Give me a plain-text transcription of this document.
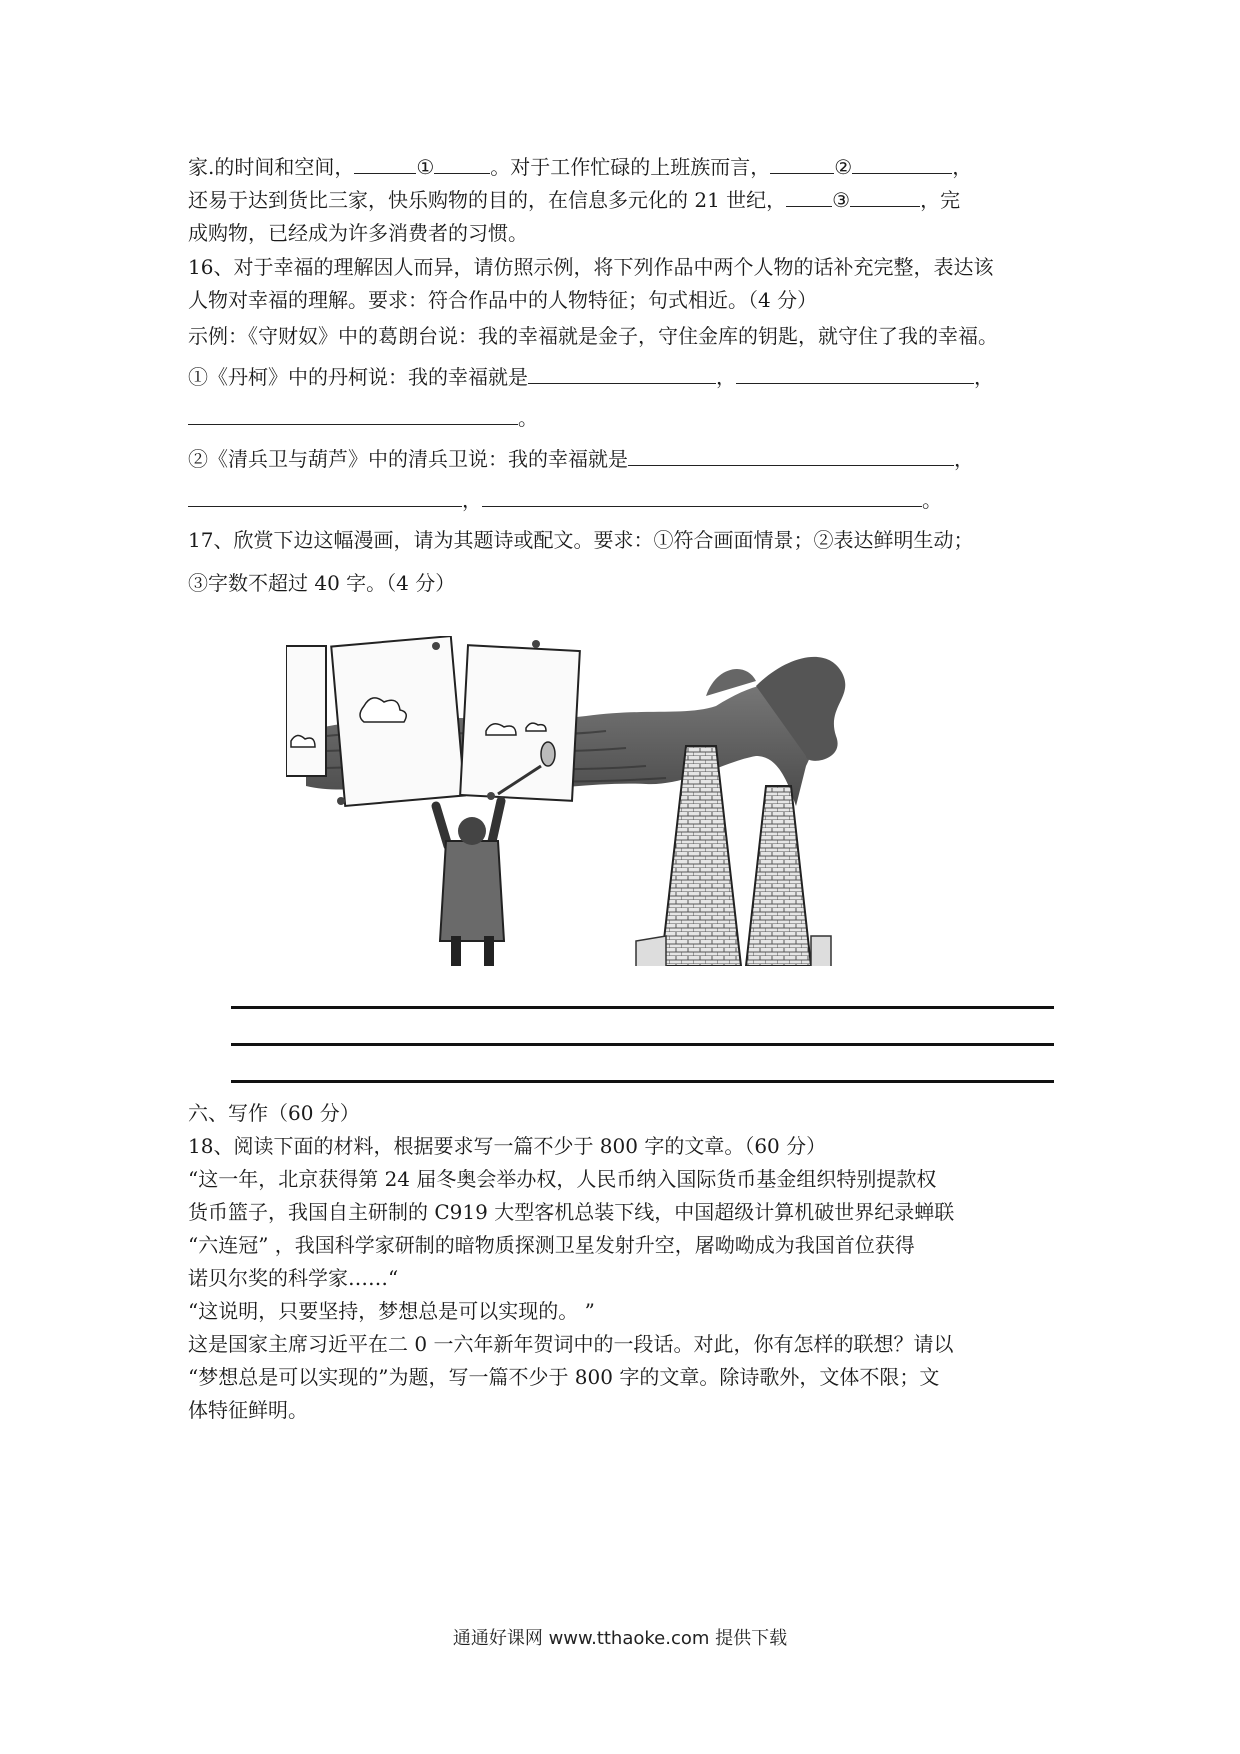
家.的时间和空间，	①	。对于工作忙碌的上班族而言，	②	，
还易于达到货比三家，快乐购物的目的，在信息多元化的 21 世纪， ③	，完
成购物，已经成为许多消费者的习惯。
16、对于幸福的理解因人而异，请仿照示例，将下列作品中两个人物的话补充完整，表达该
人物对幸福的理解。要求：符合作品中的人物特征；句式相近。（4 分）
示例：《守财奴》中的葛朗台说：我的幸福就是金子，守住金库的钥匙，就守住了我的幸福。
①《丹柯》中的丹柯说：我的幸福就是	，	，
。
②《清兵卫与葫芦》中的清兵卫说：我的幸福就是	，
，	。
17、欣赏下边这幅漫画，请为其题诗或配文。要求：①符合画面情景；②表达鲜明生动；
③字数不超过 40 字。（4 分）
六、写作（60 分）
18、阅读下面的材料，根据要求写一篇不少于 800 字的文章。（60 分）
“这一年，北京获得第 24 届冬奥会举办权，人民币纳入国际货币基金组织特别提款权
货币篮子，我国自主研制的 C919 大型客机总装下线，中国超级计算机破世界纪录蝉联
“六连冠” ，我国科学家研制的暗物质探测卫星发射升空，屠呦呦成为我国首位获得
诺贝尔奖的科学家……“
“这说明，只要坚持，梦想总是可以实现的。 ”
这是国家主席习近平在二 0 一六年新年贺词中的一段话。对此，你有怎样的联想？请以
“梦想总是可以实现的”为题，写一篇不少于 800 字的文章。除诗歌外，文体不限；文
体特征鲜明。
通通好课网 www.tthaoke.com 提供下载
